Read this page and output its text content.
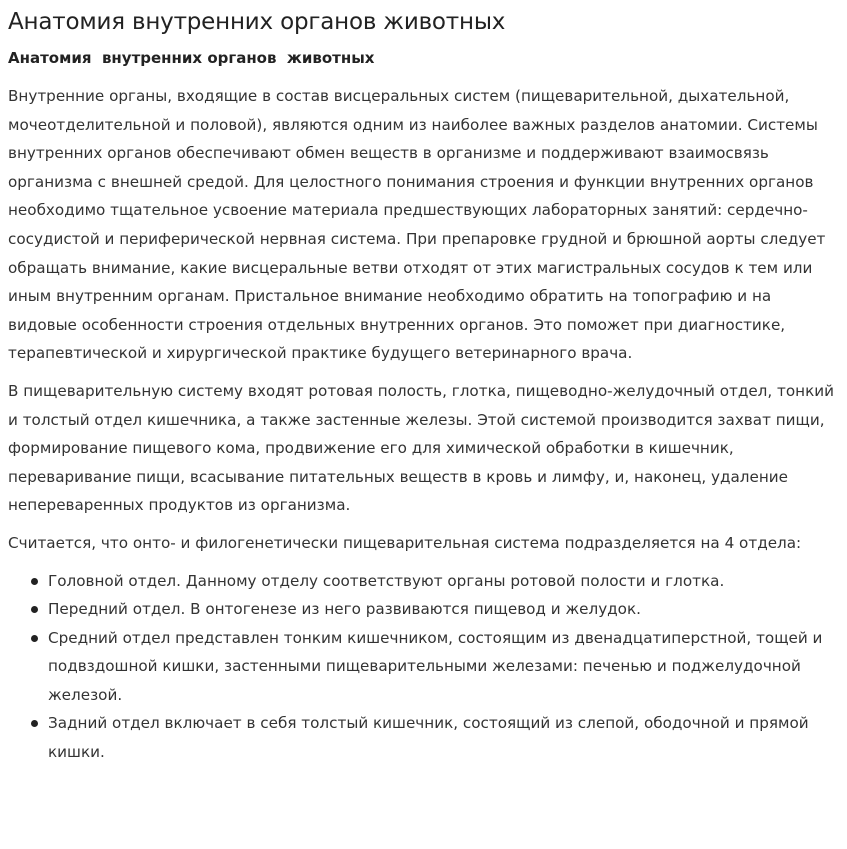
Анатомия внутренних органов животных
Анатомия  внутренних органов  животных

Внутренние органы, входящие в состав висцеральных систем (пищеварительной, дыхательной, мочеотделительной и половой), являются одним из наиболее важных разделов анатомии. Системы внутренних органов обеспечивают обмен веществ в организме и поддерживают взаимосвязь организма с внешней средой. Для целостного понимания строения и функции внутренних органов необходимо тщательное усвоение материала предшествующих лабораторных занятий: сердечно-сосудистой и периферической нервная система. При препаровке грудной и брюшной аорты следует обращать внимание, какие висцеральные ветви отходят от этих магистральных сосудов к тем или иным внутренним органам. Пристальное внимание необходимо обратить на топографию и на видовые особенности строения отдельных внутренних органов. Это поможет при диагностике, терапевтической и хирургической практике будущего ветеринарного врача.

В пищеварительную систему входят ротовая полость, глотка, пищеводно-желудочный отдел, тонкий и толстый отдел кишечника, а также застенные железы. Этой системой производится захват пищи, формирование пищевого кома, продвижение его для химической обработки в кишечник, переваривание пищи, всасывание питательных веществ в кровь и лимфу, и, наконец, удаление непереваренных продуктов из организма.

Считается, что онто- и филогенетически пищеварительная система подразделяется на 4 отдела:

Головной отдел. Данному отделу соответствуют органы ротовой полости и глотка.
Передний отдел. В онтогенезе из него развиваются пищевод и желудок.
Средний отдел представлен тонким кишечником, состоящим из двенадцатиперстной, тощей и подвздошной кишки, застенными пищеварительными железами: печенью и поджелудочной железой.
Задний отдел включает в себя толстый кишечник, состоящий из слепой, ободочной и прямой кишки.
